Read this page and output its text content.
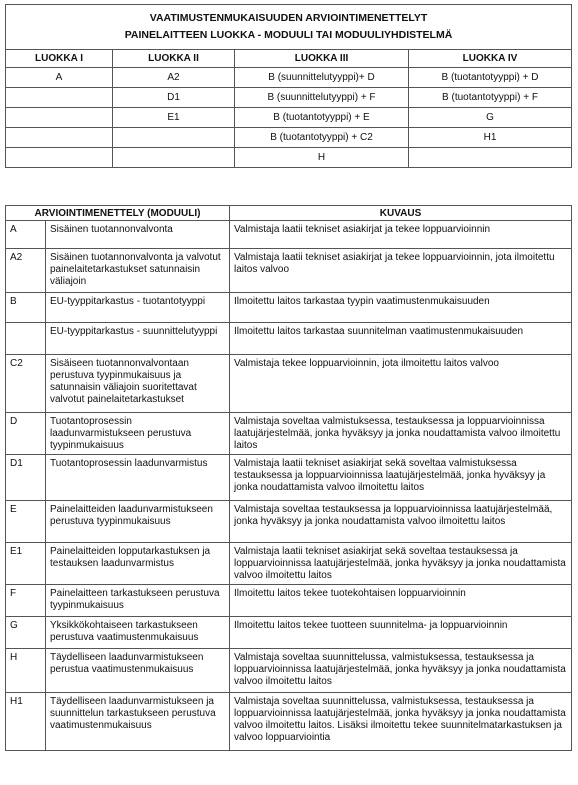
VAATIMUSTENMUKAISUUDEN ARVIOINTIMENETTELYT
PAINELAITTEEN LUOKKA - MODUULI TAI MODUULIYHDISTELMÄ			

LUOKKA I	LUOKKA II	LUOKKA III	LUOKKA IV
A	A2	B (suunnittelutyyppi)+ D	B (tuotantotyyppi) + D
	D1	B (suunnittelutyyppi) + F	B (tuotantotyyppi) + F
	E1	B (tuotantotyyppi) + E	G
		B (tuotantotyyppi) + C2	H1
		H	
ARVIOINTIMENETTELY (MODUULI)		KUVAUS
A	Sisäinen tuotannonvalvonta	Valmistaja laatii tekniset asiakirjat ja tekee loppuarvioinnin
A2	Sisäinen tuotannonvalvonta ja valvotut painelaitetarkastukset satunnaisin väliajoin	Valmistaja laatii tekniset asiakirjat ja tekee loppuarvioinnin, jota ilmoitettu laitos valvoo
B	EU-tyyppitarkastus - tuotantotyyppi	Ilmoitettu laitos tarkastaa tyypin vaatimustenmukaisuuden
	EU-tyyppitarkastus - suunnittelutyyppi	Ilmoitettu laitos tarkastaa suunnitelman vaatimustenmukaisuuden
C2	Sisäiseen tuotannonvalvontaan perustuva tyypinmukaisuus ja satunnaisin väliajoin suoritettavat valvotut painelaitetarkastukset	Valmistaja tekee loppuarvioinnin, jota ilmoitettu laitos valvoo
D	Tuotantoprosessin laadunvarmistukseen perustuva tyypinmukaisuus	Valmistaja soveltaa valmistuksessa, testauksessa ja loppuarvioinnissa laatujärjestelmää, jonka hyväksyy ja jonka noudattamista valvoo ilmoitettu laitos
D1	Tuotantoprosessin laadunvarmistus	Valmistaja laatii tekniset asiakirjat sekä soveltaa valmistuksessa testauksessa ja loppuarvioinnissa laatujärjestelmää, jonka hyväksyy ja jonka noudattamista valvoo ilmoitettu laitos
E	Painelaitteiden laadunvarmistukseen perustuva tyypinmukaisuus	Valmistaja soveltaa testauksessa ja loppuarvioinnissa laatujärjestelmää, jonka hyväksyy ja jonka noudattamista valvoo ilmoitettu laitos
E1	Painelaitteiden lopputarkastuksen ja testauksen laadunvarmistus	Valmistaja laatii tekniset asiakirjat sekä soveltaa testauksessa ja loppuarvioinnissa laatujärjestelmää, jonka hyväksyy ja jonka noudattamista valvoo ilmoitettu laitos
F	Painelaitteen tarkastukseen perustuva tyypinmukaisuus	Ilmoitettu laitos tekee tuotekohtaisen loppuarvioinnin
G	Yksikkökohtaiseen tarkastukseen perustuva vaatimustenmukaisuus	Ilmoitettu laitos tekee tuotteen suunnitelma- ja loppuarvioinnin
H	Täydelliseen laadunvarmistukseen perustua vaatimustenmukaisuus	Valmistaja soveltaa suunnittelussa, valmistuksessa, testauksessa ja loppuarvioinnissa laatujärjestelmää, jonka hyväksyy ja jonka noudattamista valvoo ilmoitettu laitos
H1	Täydelliseen laadunvarmistukseen ja suunnittelun tarkastukseen perustuva vaatimustenmukaisuus	Valmistaja soveltaa suunnittelussa, valmistuksessa, testauksessa ja loppuarvioinnissa laatujärjestelmää, jonka hyväksyy ja jonka noudattamista valvoo ilmoitettu laitos. Lisäksi ilmoitettu tekee suunnitelmatarkastuksen ja valvoo loppuarviointia
